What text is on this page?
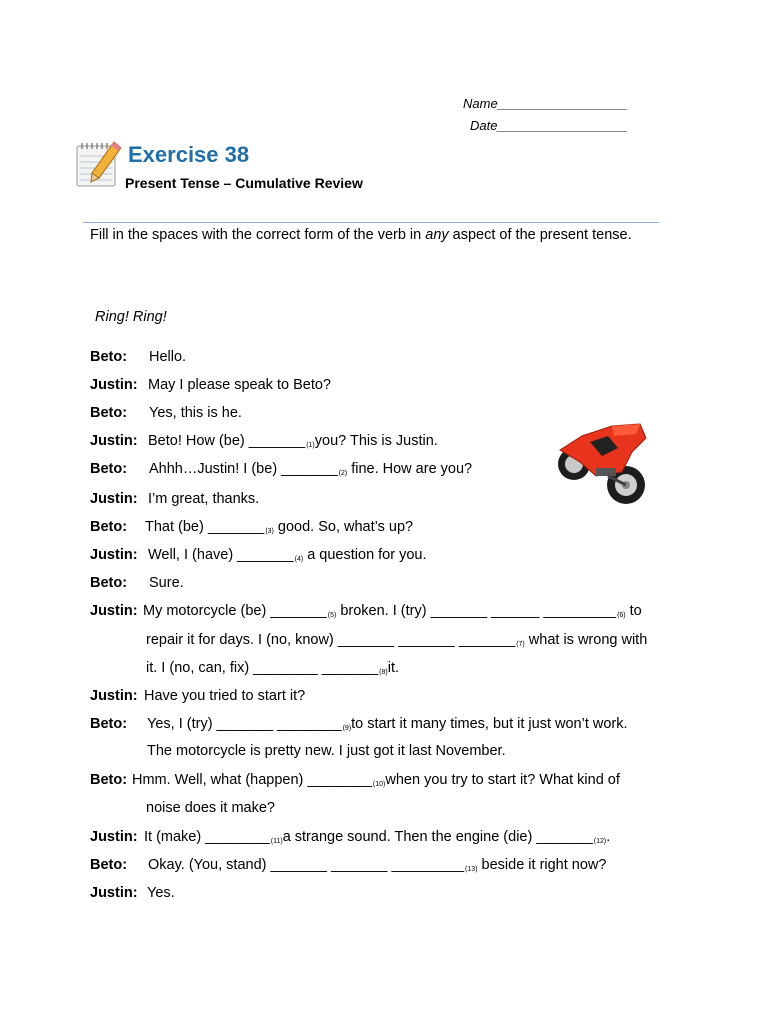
Name__________________
Date__________________
Exercise 38
Present Tense – Cumulative Review
Fill in the spaces with the correct form of the verb in any aspect of the present tense.
Ring! Ring!
Beto: Hello.
Justin: May I please speak to Beto?
Beto: Yes, this is he.
Justin: Beto! How (be) $\_\_\_\_\_\_\__{(1)}you$? This is Justin.
Beto: Ahhh…Justin! I (be) $\_\_\_\_\_\_\__{(2)}$ fine. How are you?
Justin: I’m great, thanks.
Beto: That (be) $\_\_\_\_\_\_\__{(3)}$ good. So, what’s up?
Justin: Well, I (have) $\_\_\_\_\_\_\__{(4)}$ a question for you.
Beto: Sure.
Justin: My motorcycle (be) $\_\_\_\_\_\_\__{(5)}$ broken. I (try) _______ ______ $\_\_\_\_\_\_\_\_\__{(6)}$ to
repair it for days. I (no, know) _______ _______ $\_\_\_\_\_\_\__{(7)}$ what is wrong with
it. I (no, can, fix) ________ $\_\_\_\_\_\_\__{(8)}it$.
Justin: Have you tried to start it?
Beto: Yes, I (try) _______ $\_\_\_\_\_\_\_\__{(9)}to$ start it many times, but it just won’t work.
The motorcycle is pretty new. I just got it last November.
Beto: Hmm. Well, what (happen) $\_\_\_\_\_\_\_\__{(10)}when$ you try to start it? What kind of
noise does it make?
Justin: It (make) $\_\_\_\_\_\_\_\__{(11)}a$ strange sound. Then the engine (die) $\_\_\_\_\_\_\__{(12)}$.
Beto: Okay. (You, stand) _______ _______ $\_\_\_\_\_\_\_\_\__{(13)}$ beside it right now?
Justin: Yes.
